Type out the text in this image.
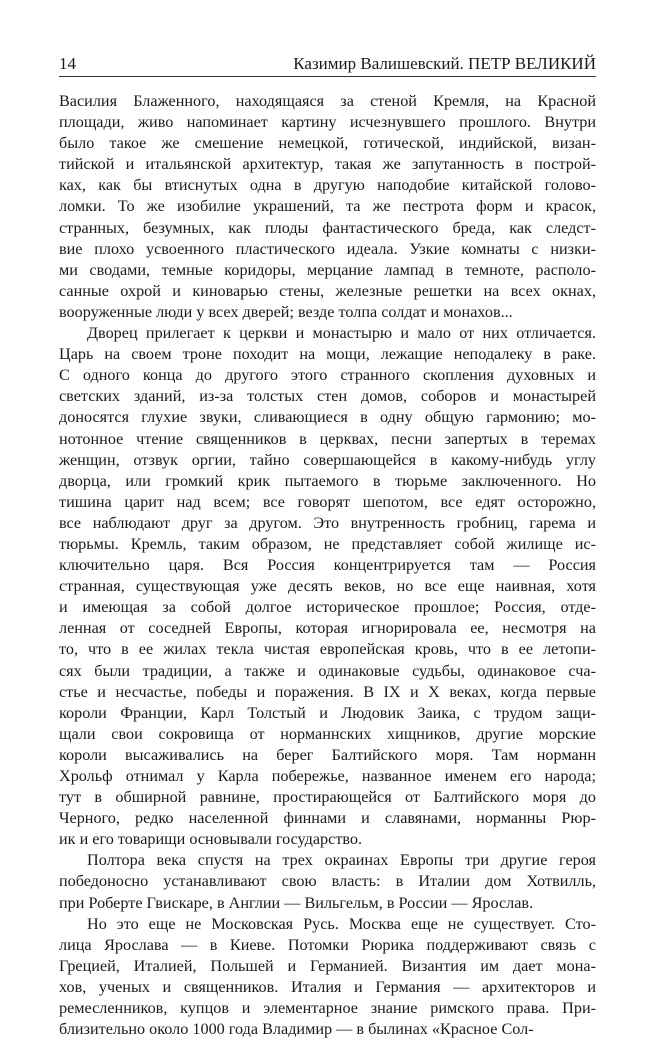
14	Казимир Валишевский. ПЕТР ВЕЛИКИЙ
Василия Блаженного, находящаяся за стеной Кремля, на Красной
площади, живо напоминает картину исчезнувшего прошлого. Внутри
было такое же смешение немецкой, готической, индийской, визан-
тийской и итальянской архитектур, такая же запутанность в построй-
ках, как бы втиснутых одна в другую наподобие китайской голово-
ломки. То же изобилие украшений, та же пестрота форм и красок,
странных, безумных, как плоды фантастического бреда, как следст-
вие плохо усвоенного пластического идеала. Узкие комнаты с низки-
ми сводами, темные коридоры, мерцание лампад в темноте, располо-
санные охрой и киноварью стены, железные решетки на всех окнах,
вооруженные люди у всех дверей; везде толпа солдат и монахов...
Дворец прилегает к церкви и монастырю и мало от них отличается.
Царь на своем троне походит на мощи, лежащие неподалеку в раке.
С одного конца до другого этого странного скопления духовных и
светских зданий, из-за толстых стен домов, соборов и монастырей
доносятся глухие звуки, сливающиеся в одну общую гармонию; мо-
нотонное чтение священников в церквах, песни запертых в теремах
женщин, отзвук оргии, тайно совершающейся в какому-нибудь углу
дворца, или громкий крик пытаемого в тюрьме заключенного. Но
тишина царит над всем; все говорят шепотом, все едят осторожно,
все наблюдают друг за другом. Это внутренность гробниц, гарема и
тюрьмы. Кремль, таким образом, не представляет собой жилище ис-
ключительно царя. Вся Россия концентрируется там — Россия
странная, существующая уже десять веков, но все еще наивная, хотя
и имеющая за собой долгое историческое прошлое; Россия, отде-
ленная от соседней Европы, которая игнорировала ее, несмотря на
то, что в ее жилах текла чистая европейская кровь, что в ее летопи-
сях были традиции, а также и одинаковые судьбы, одинаковое сча-
стье и несчастье, победы и поражения. В IX и X веках, когда первые
короли Франции, Карл Толстый и Людовик Заика, с трудом защи-
щали свои сокровища от норманнских хищников, другие морские
короли высаживались на берег Балтийского моря. Там норманн
Хрольф отнимал у Карла побережье, названное именем его народа;
тут в обширной равнине, простирающейся от Балтийского моря до
Черного, редко населенной финнами и славянами, норманны Рюр-
ик и его товарищи основывали государство.
Полтора века спустя на трех окраинах Европы три другие героя
победоносно устанавливают свою власть: в Италии дом Хотвилль,
при Роберте Гвискаре, в Англии — Вильгельм, в России — Ярослав.
Но это еще не Московская Русь. Москва еще не существует. Сто-
лица Ярослава — в Киеве. Потомки Рюрика поддерживают связь с
Грецией, Италией, Польшей и Германией. Византия им дает мона-
хов, ученых и священников. Италия и Германия — архитекторов и
ремесленников, купцов и элементарное знание римского права. При-
близительно около 1000 года Владимир — в былинах «Красное Сол-
